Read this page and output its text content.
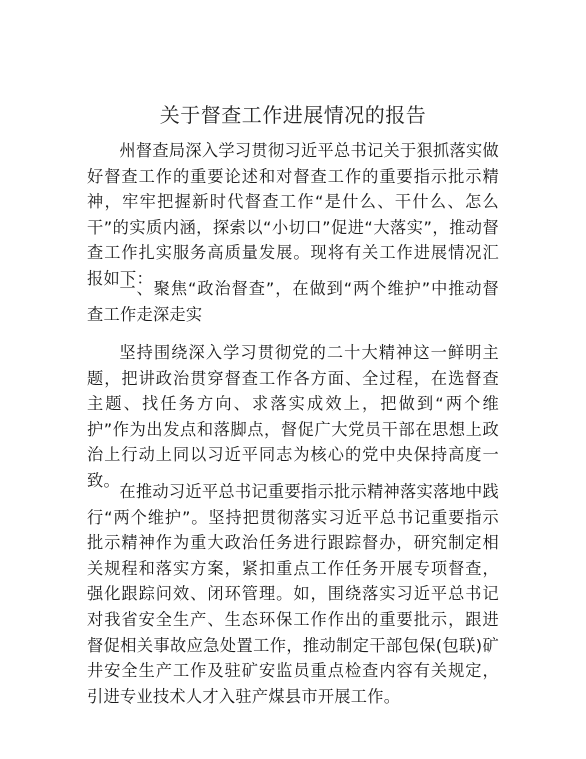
关于督查工作进展情况的报告

州督查局深入学习贯彻习近平总书记关于狠抓落实做好督查工作的重要论述和对督查工作的重要指示批示精神，牢牢把握新时代督查工作“是什么、干什么、怎么干”的实质内涵，探索以“小切口”促进“大落实”，推动督查工作扎实服务高质量发展。现将有关工作进展情况汇报如下：

一、聚焦“政治督查”，在做到“两个维护”中推动督查工作走深走实

坚持围绕深入学习贯彻党的二十大精神这一鲜明主题，把讲政治贯穿督查工作各方面、全过程，在选督查主题、找任务方向、求落实成效上，把做到“两个维护”作为出发点和落脚点，督促广大党员干部在思想上政治上行动上同以习近平同志为核心的党中央保持高度一致。

在推动习近平总书记重要指示批示精神落实落地中践行“两个维护”。坚持把贯彻落实习近平总书记重要指示批示精神作为重大政治任务进行跟踪督办，研究制定相关规程和落实方案，紧扣重点工作任务开展专项督查，强化跟踪问效、闭环管理。如，围绕落实习近平总书记对我省安全生产、生态环保工作作出的重要批示，跟进督促相关事故应急处置工作，推动制定干部包保(包联)矿井安全生产工作及驻矿安监员重点检查内容有关规定，引进专业技术人才入驻产煤县市开展工作。
